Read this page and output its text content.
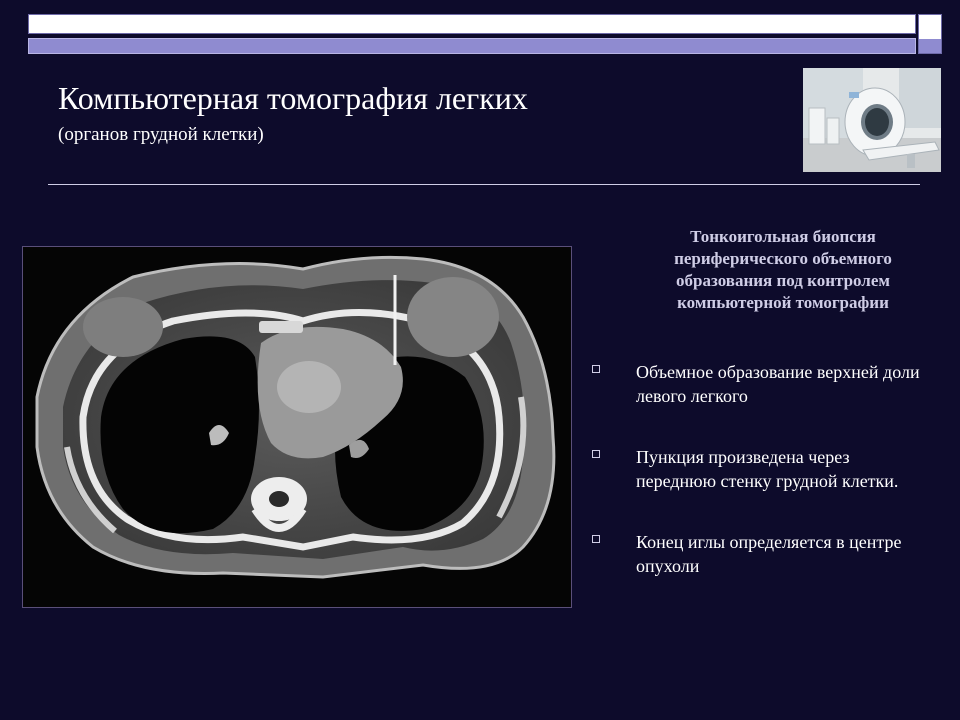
Компьютерная томография легких

(органов грудной клетки)

Тонкоигольная биопсия
периферического объемного
образования под контролем
компьютерной томографии
Объемное образование верхней доли левого легкого
Пункция произведена через переднюю стенку грудной клетки.
Конец иглы определяется в центре опухоли
